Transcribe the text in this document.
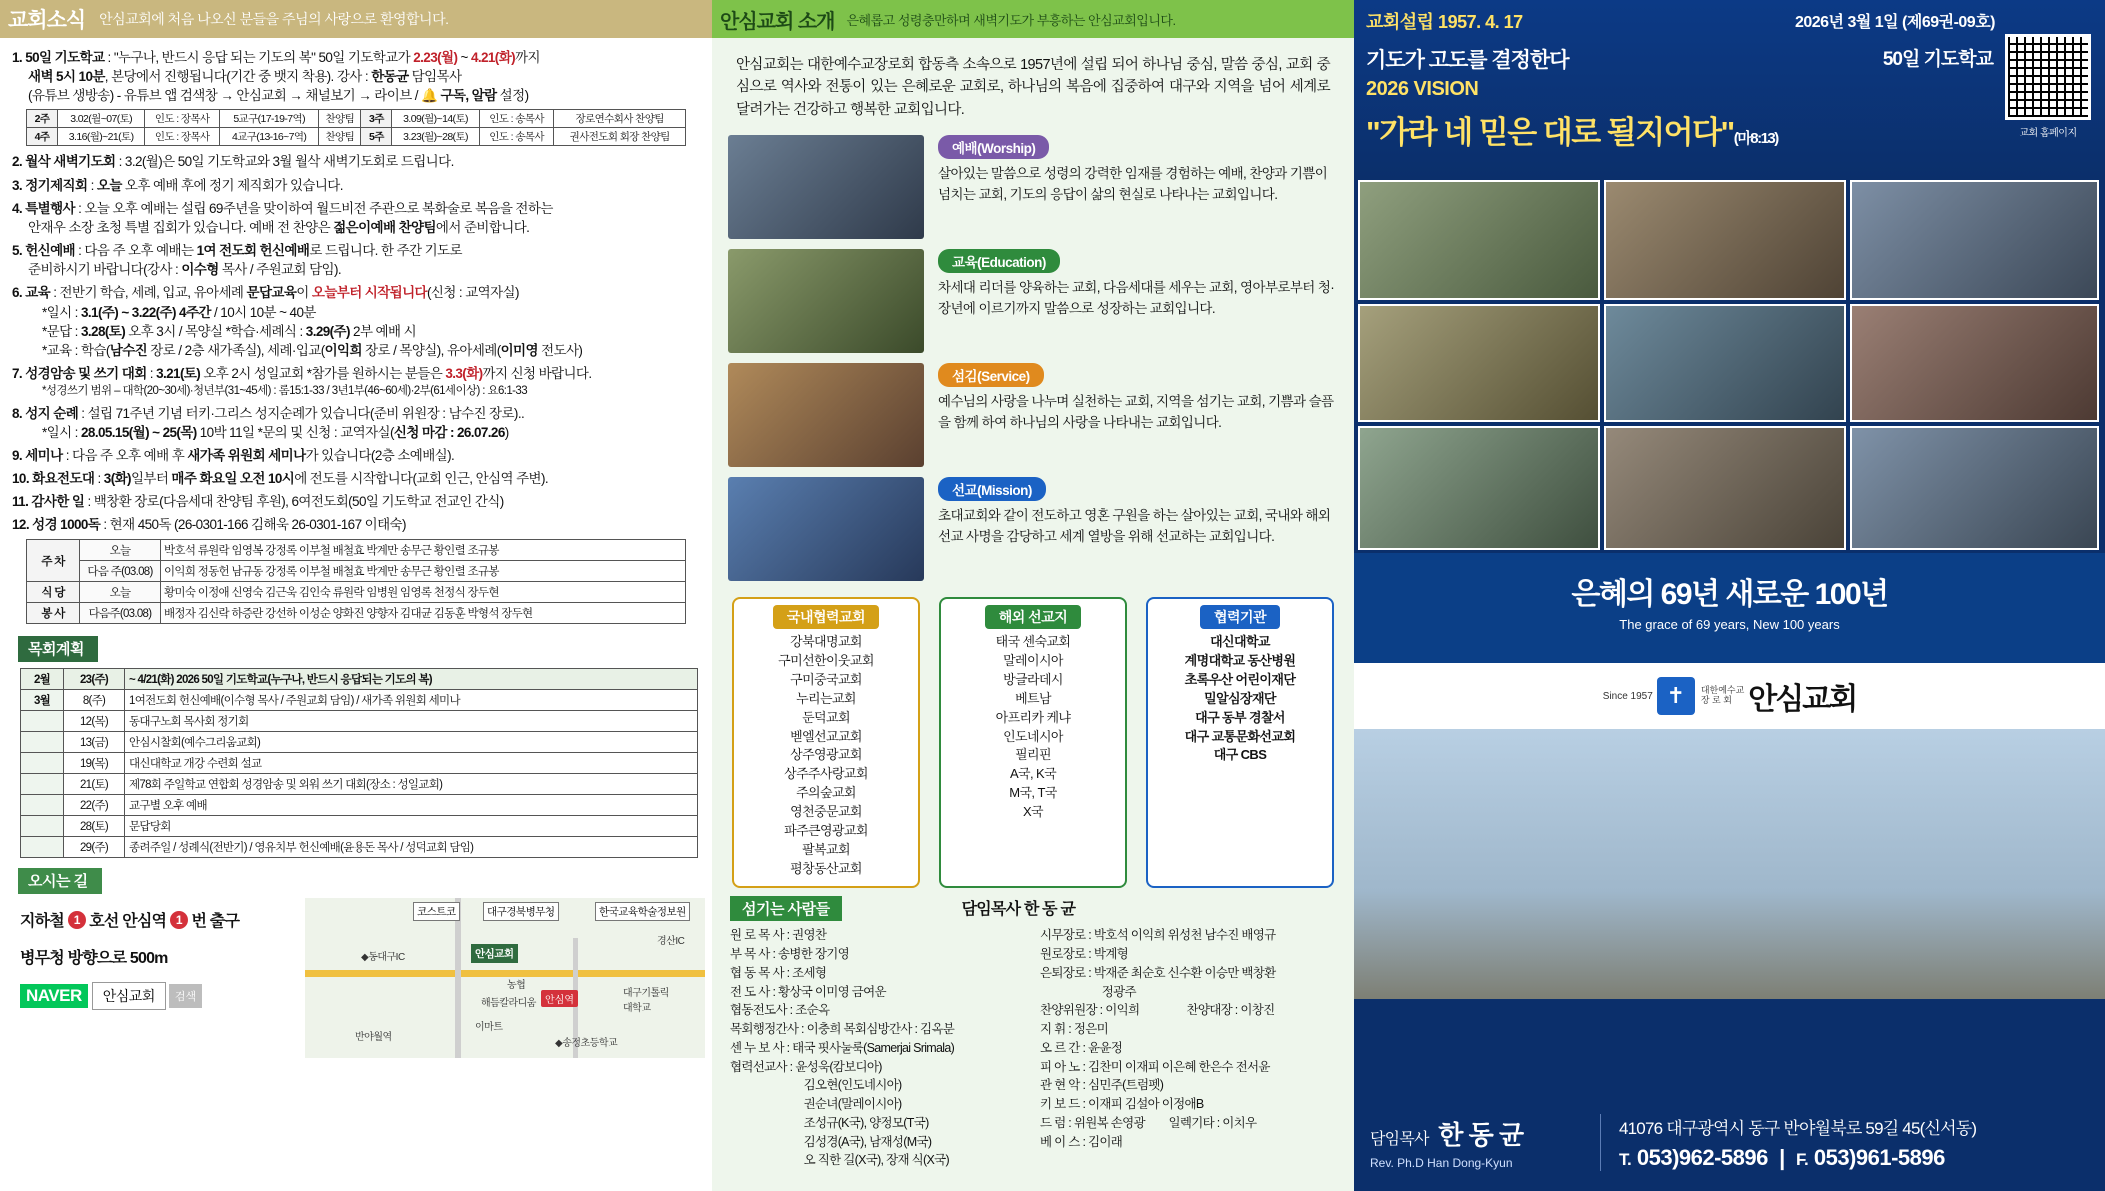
교회소식 안심교회에 처음 나오신 분들을 주님의 사랑으로 환영합니다.
1. 50일 기도학교 : "누구나, 반드시 응답 되는 기도의 복" 50일 기도학교가 2.23(월) ~ 4.21(화)까지

새벽 5시 10분, 본당에서 진행됩니다(기간 중 뱃지 착용). 강사 : 한동균 담임목사
(유튜브 생방송) - 유튜브 앱 검색창 → 안심교회 → 채널보기 → 라이브 / 🔔 구독, 알람 설정)
2주	3.02(월~07(토)	인도 : 장목사	5교구(17-19-7역)	찬양팀	3주	3.09(월)~14(토)	인도 : 송목사	장로연수회사 찬양팀
4주	3.16(월)~21(토)	인도 : 장목사	4교구(13-16~7역)	찬양팀	5주	3.23(월)~28(토)	인도 : 송목사	권사전도회 회장 찬양팀
2. 월삭 새벽기도회 : 3.2(월)은 50일 기도학교와 3월 월삭 새벽기도회로 드립니다.
3. 정기제직회 : 오늘 오후 예배 후에 정기 제직회가 있습니다.
4. 특별행사 : 오늘 오후 예배는 설립 69주년을 맞이하여 월드비전 주관으로 복화술로 복음을 전하는

안재우 소장 초청 특별 집회가 있습니다. 예배 전 찬양은 젊은이예배 찬양팀에서 준비합니다.
5. 헌신예배 : 다음 주 오후 예배는 1여 전도회 헌신예배로 드립니다. 한 주간 기도로

준비하시기 바랍니다(강사 : 이수형 목사 / 주원교회 담임).
6. 교육 : 전반기 학습, 세례, 입교, 유아세례 문답교육이 오늘부터 시작됩니다(신청 : 교역자실)
*일시 : 3.1(주) ~ 3.22(주) 4주간 / 10시 10분 ~ 40분
*문답 : 3.28(토) 오후 3시 / 목양실 *학습·세례식 : 3.29(주) 2부 예배 시
*교육 : 학습(남수진 장로 / 2층 새가족실), 세례·입교(이익희 장로 / 목양실), 유아세례(이미영 전도사)
7. 성경암송 및 쓰기 대회 : 3.21(토) 오후 2시 성일교회 *참가를 원하시는 분들은 3.3(화)까지 신청 바랍니다.
*성경쓰기 범위 – 대학(20~30세)·청년부(31~45세) : 롬15:1-33 / 3년1부(46~60세)·2부(61세이상) : 요6:1-33
8. 성지 순례 : 설립 71주년 기념 터키·그리스 성지순례가 있습니다(준비 위원장 : 남수진 장로)..
*일시 : 28.05.15(월) ~ 25(목) 10박 11일 *문의 및 신청 : 교역자실(신청 마감 : 26.07.26)
9. 세미나 : 다음 주 오후 예배 후 새가족 위원회 세미나가 있습니다(2층 소예배실).
10. 화요전도대 : 3(화)일부터 매주 화요일 오전 10시에 전도를 시작합니다(교회 인근, 안심역 주변).
11. 감사한 일 : 백창환 장로(다음세대 찬양팀 후원), 6여전도회(50일 기도학교 전교인 간식)
12. 성경 1000독 : 현재 450독 (26-0301-166 김해욱 26-0301-167 이태숙)
주 차	오늘	박호석 류원락 임영복 강정록 이부철 배철효 박계만 송무근 황인렬 조규봉
	다음 주(03.08)	이익희 정동헌 남규동 강정록 이부철 배철효 박계만 송무근 황인렬 조규봉
식 당	오늘	황미숙 이정애 신영숙 김근욱 김인숙 류원락 임병원 임영록 천정식 장두현
봉 사	다음주(03.08)	배정자 김신락 하증란 강선하 이성순 양화진 양향자 김대균 김동훈 박형석 장두현
목회계획
2월	23(주)	~ 4/21(화) 2026 50일 기도학교(누구나, 반드시 응답되는 기도의 복)
3월	8(주)	1여전도회 헌신예배(이수형 목사 / 주원교회 담임) / 새가족 위원회 세미나
	12(목)	동대구노회 목사회 정기회
	13(금)	안심시찰회(예수그리움교회)
	19(목)	대신대학교 개강 수련회 설교
	21(토)	제78회 주일학교 연합회 성경암송 및 외워 쓰기 대회(장소 : 성일교회)
	22(주)	교구별 오후 예배
	28(토)	문답당회
	29(주)	종려주일 / 성례식(전반기) / 영유치부 헌신예배(윤용돈 목사 / 성덕교회 담임)
오시는 길
지하철 1 호선 안심역 1 번 출구
병무청 방향으로 500m
NAVER	안심교회	검색
코스트코	대구경북병무청	한국교육학술정보원
경산IC
◆동대구IC	안심교회
농협
해듬칼라디움 안심역
대구기톨릭
대학교
이마트
반야월역
◆송정초등학교
안심교회 소개 은혜롭고 성령충만하며 새벽기도가 부흥하는 안심교회입니다.
안심교회는 대한예수교장로회 합동측 소속으로 1957년에 설립 되어 하나님 중심, 말씀 중심, 교회 중심으로 역사와 전통이 있는 은혜로운 교회로, 하나님의 복음에 집중하여 대구와 지역을 넘어 세계로 달려가는 건강하고 행복한 교회입니다.
예배(Worship)
살아있는 말씀으로 성령의 강력한 임재를 경험하는 예배, 찬양과 기쁨이 넘치는 교회, 기도의 응답이 삶의 현실로 나타나는 교회입니다.
교육(Education)
차세대 리더를 양육하는 교회, 다음세대를 세우는 교회, 영아부로부터 청·장년에 이르기까지 말씀으로 성장하는 교회입니다.
섬김(Service)
예수님의 사랑을 나누며 실천하는 교회, 지역을 섬기는 교회, 기쁨과 슬픔을 함께 하여 하나님의 사랑을 나타내는 교회입니다.
선교(Mission)
초대교회와 같이 전도하고 영혼 구원을 하는 살아있는 교회, 국내와 해외선교 사명을 감당하고 세계 열방을 위해 선교하는 교회입니다.
국내협력교회
강북대명교회
구미선한이웃교회
구미중국교회
누리는교회
둔덕교회
벧엘선교교회
상주영광교회
상주주사랑교회
주의숲교회
영천중문교회
파주큰영광교회
팔복교회
평창동산교회
해외 선교지
태국 센숙교회
말레이시아
방글라데시
베트남
아프리카 케냐
인도네시아
필리핀
A국, K국
M국, T국
X국
협력기관
대신대학교
계명대학교 동산병원
초록우산 어린이재단
밀알심장재단
대구 동부 경찰서
대구 교통문화선교회
대구 CBS
섬기는 사람들	담임목사 한 동 균
원 로 목 사 : 권영찬
부 목 사 : 송병한 장기영
협 동 목 사 : 조세형
전 도 사 : 황상국 이미영 금여운
협동전도사 : 조순옥
목회행정간사 : 이충희 목회심방간사 : 김옥분
센 누 보 사 : 태국 핏사눌룩(Samerjai Srimala)
협력선교사 : 윤성욱(캄보디아)
　　　　　　 김오현(인도네시아)
　　　　　　 권순녀(말레이시아)
　　　　　　 조성규(K국), 양정모(T국)
　　　　　　 김성경(A국), 남재성(M국)
　　　　　　 오 직한 길(X국), 장재 식(X국)
시무장로 : 박호석 이익희 위성천 남수진 배영규
원로장로 : 박계형
은퇴장로 : 박재준 최순호 신수환 이승만 백창환
　　　　　 정광주
찬양위원장 : 이익희　　　　찬양대장 : 이창진
지 휘 : 정은미
오 르 간 : 윤윤정
피 아 노 : 김찬미 이재피 이은혜 한은수 전서윤
관 현 악 : 심민주(트럼펫)
키 보 드 : 이재피 김설아 이정애B
드 럼 : 위원복 손영광　　일렉기타 : 이치우
베 이 스 : 김이래
교회설립 1957. 4. 17	2026년 3월 1일 (제69권-09호)
기도가 고도를 결정한다	50일 기도학교
2026 VISION
"가라 네 믿은 대로 될지어다"(마8:13)	교회 홈페이지
은혜의 69년 새로운 100년
The grace of 69 years, New 100 years
Since 1957 ✝	대한예수교
장 로 회 안심교회
담임목사 한 동 균
Rev. Ph.D Han Dong-Kyun
41076 대구광역시 동구 반야월북로 59길 45(신서동)
T. 053)962-5896  |  F. 053)961-5896
